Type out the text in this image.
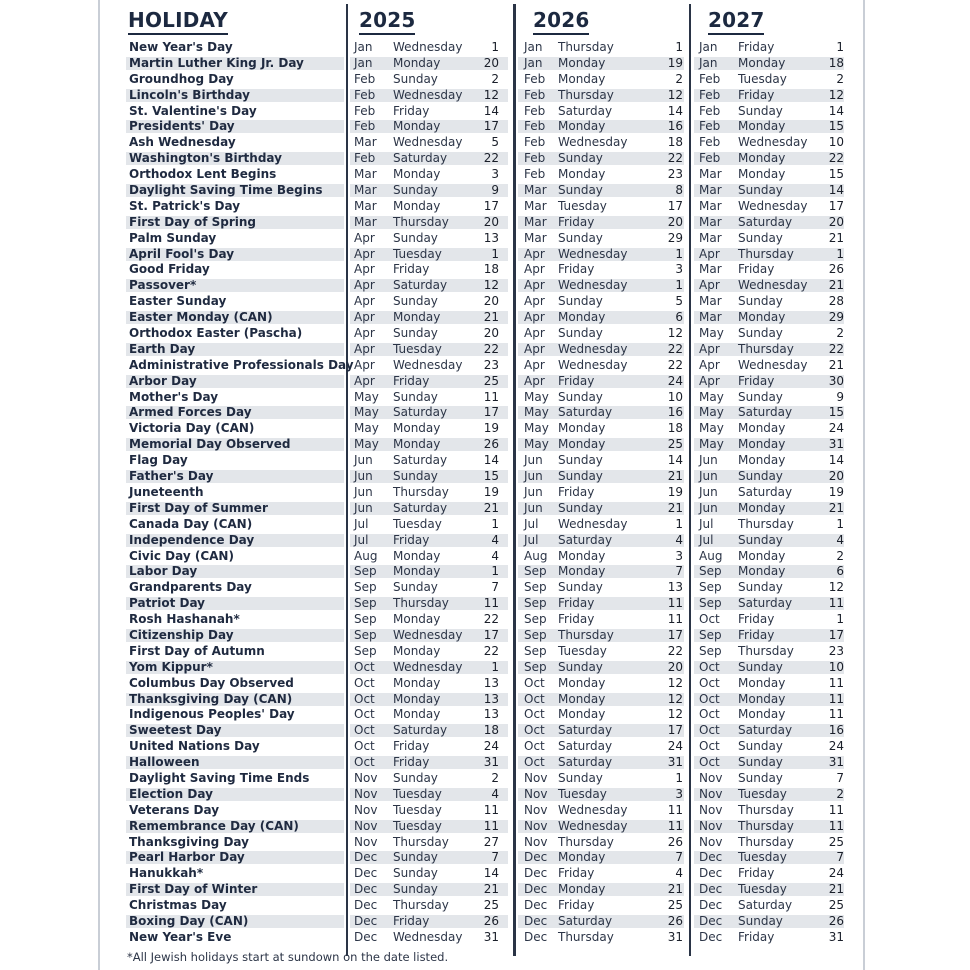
HOLIDAY	2025	2026	2027
New Year's Day	Jan Wednesday	1 Jan Thursday	1 Jan Friday	1
Martin Luther King Jr. Day	Jan Monday	20 Jan Monday	19 Jan Monday	18
Groundhog Day	Feb Sunday	2 Feb Monday	2 Feb Tuesday	2
Lincoln's Birthday	Feb Wednesday	12 Feb Thursday	12 Feb Friday	12
St. Valentine's Day	Feb Friday	14 Feb Saturday	14 Feb Sunday	14
Presidents' Day	Feb Monday	17 Feb Monday	16 Feb Monday	15
Ash Wednesday	Mar Wednesday	5 Feb Wednesday	18 Feb Wednesday	10
Washington's Birthday	Feb Saturday	22 Feb Sunday	22 Feb Monday	22
Orthodox Lent Begins	Mar Monday	3 Feb Monday	23 Mar Monday	15
Daylight Saving Time Begins	Mar Sunday	9 Mar Sunday	8 Mar Sunday	14
St. Patrick's Day	Mar Monday	17 Mar Tuesday	17 Mar Wednesday	17
First Day of Spring	Mar Thursday	20 Mar Friday	20 Mar Saturday	20
Palm Sunday	Apr Sunday	13 Mar Sunday	29 Mar Sunday	21
April Fool's Day	Apr Tuesday	1 Apr Wednesday	1 Apr Thursday	1
Good Friday	Apr Friday	18 Apr Friday	3 Mar Friday	26
Passover*	Apr Saturday	12 Apr Wednesday	1 Apr Wednesday	21
Easter Sunday	Apr Sunday	20 Apr Sunday	5 Mar Sunday	28
Easter Monday (CAN)	Apr Monday	21 Apr Monday	6 Mar Monday	29
Orthodox Easter (Pascha)	Apr Sunday	20 Apr Sunday	12 May Sunday	2
Earth Day	Apr Tuesday	22 Apr Wednesday	22 Apr Thursday	22
Administrative Professionals Day Apr Wednesday	23 Apr Wednesday	22 Apr Wednesday	21
Arbor Day	Apr Friday	25 Apr Friday	24 Apr Friday	30
Mother's Day	May Sunday	11 May Sunday	10 May Sunday	9
Armed Forces Day	May Saturday	17 May Saturday	16 May Saturday	15
Victoria Day (CAN)	May Monday	19 May Monday	18 May Monday	24
Memorial Day Observed	May Monday	26 May Monday	25 May Monday	31
Flag Day	Jun Saturday	14 Jun Sunday	14 Jun Monday	14
Father's Day	Jun Sunday	15 Jun Sunday	21 Jun Sunday	20
Juneteenth	Jun Thursday	19 Jun Friday	19 Jun Saturday	19
First Day of Summer	Jun Saturday	21 Jun Sunday	21 Jun Monday	21
Canada Day (CAN)	Jul Tuesday	1 Jul Wednesday	1 Jul Thursday	1
Independence Day	Jul Friday	4 Jul Saturday	4 Jul Sunday	4
Civic Day (CAN)	Aug Monday	4 Aug Monday	3 Aug Monday	2
Labor Day	Sep Monday	1 Sep Monday	7 Sep Monday	6
Grandparents Day	Sep Sunday	7 Sep Sunday	13 Sep Sunday	12
Patriot Day	Sep Thursday	11 Sep Friday	11 Sep Saturday	11
Rosh Hashanah*	Sep Monday	22 Sep Friday	11 Oct Friday	1
Citizenship Day	Sep Wednesday	17 Sep Thursday	17 Sep Friday	17
First Day of Autumn	Sep Monday	22 Sep Tuesday	22 Sep Thursday	23
Yom Kippur*	Oct Wednesday	1 Sep Sunday	20 Oct Sunday	10
Columbus Day Observed	Oct Monday	13 Oct Monday	12 Oct Monday	11
Thanksgiving Day (CAN)	Oct Monday	13 Oct Monday	12 Oct Monday	11
Indigenous Peoples' Day	Oct Monday	13 Oct Monday	12 Oct Monday	11
Sweetest Day	Oct Saturday	18 Oct Saturday	17 Oct Saturday	16
United Nations Day	Oct Friday	24 Oct Saturday	24 Oct Sunday	24
Halloween	Oct Friday	31 Oct Saturday	31 Oct Sunday	31
Daylight Saving Time Ends	Nov Sunday	2 Nov Sunday	1 Nov Sunday	7
Election Day	Nov Tuesday	4 Nov Tuesday	3 Nov Tuesday	2
Veterans Day	Nov Tuesday	11 Nov Wednesday	11 Nov Thursday	11
Remembrance Day (CAN)	Nov Tuesday	11 Nov Wednesday	11 Nov Thursday	11
Thanksgiving Day	Nov Thursday	27 Nov Thursday	26 Nov Thursday	25
Pearl Harbor Day	Dec Sunday	7 Dec Monday	7 Dec Tuesday	7
Hanukkah*	Dec Sunday	14 Dec Friday	4 Dec Friday	24
First Day of Winter	Dec Sunday	21 Dec Monday	21 Dec Tuesday	21
Christmas Day	Dec Thursday	25 Dec Friday	25 Dec Saturday	25
Boxing Day (CAN)	Dec Friday	26 Dec Saturday	26 Dec Sunday	26
New Year's Eve	Dec Wednesday	31 Dec Thursday	31 Dec Friday	31
*All Jewish holidays start at sundown on the date listed.
